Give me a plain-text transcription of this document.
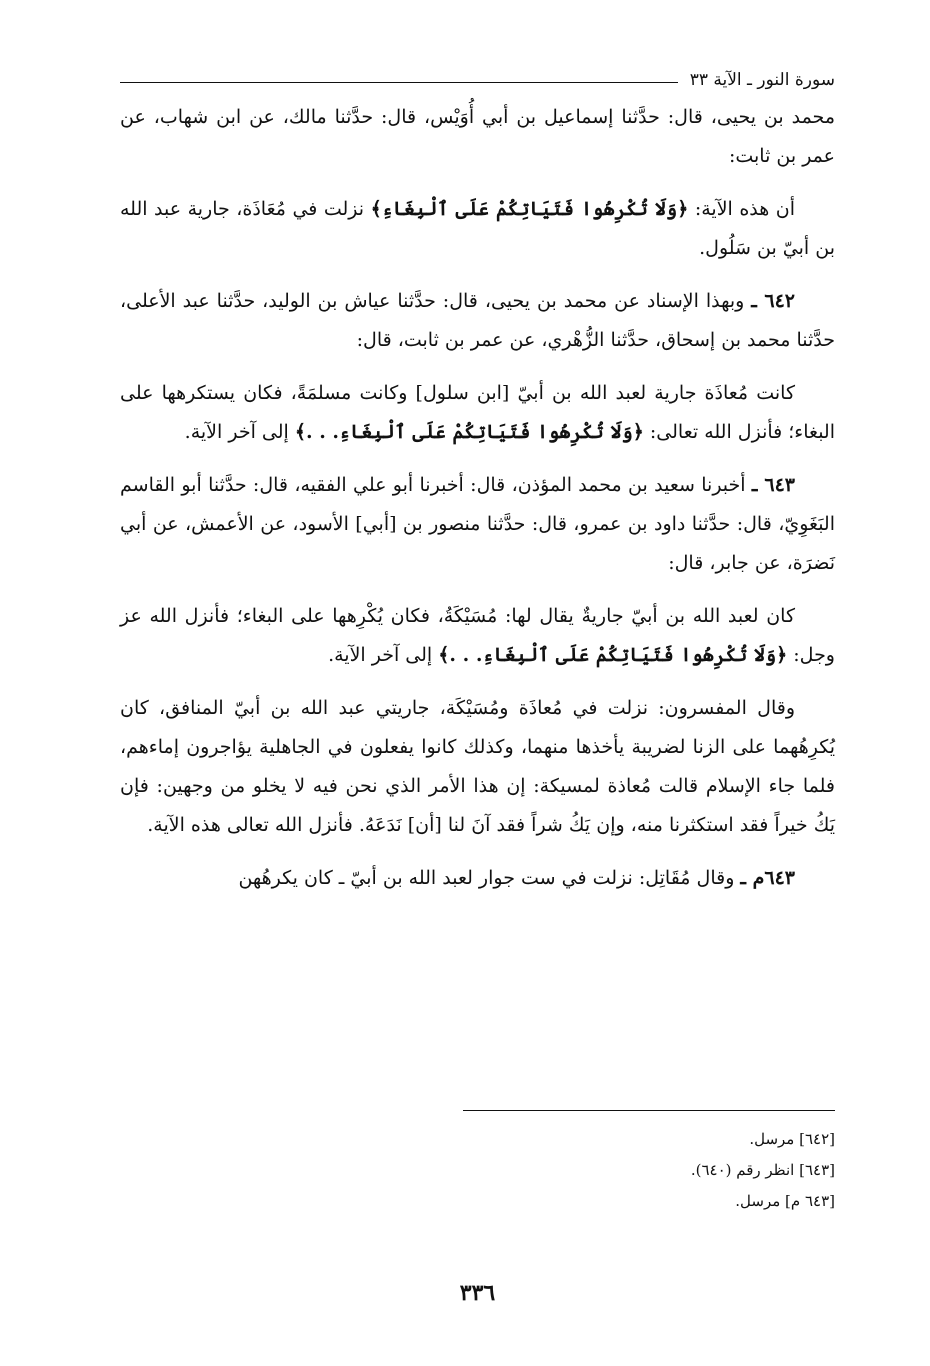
سورة النور ـ الآية ٣٣

محمد بن يحيى، قال: حدَّثنا إسماعيل بن أبي أُوَيْس، قال: حدَّثنا مالك، عن ابن شهاب، عن عمر بن ثابت:

أن هذه الآية: ﴿وَلَا تُكْرِهُوا فَتَيَاتِكُمْ عَلَى ٱلْبِغَاءِ﴾ نزلت في مُعَاذَة، جارية عبد الله بن أبيّ بن سَلُول.

٦٤٢ ـ وبهذا الإسناد عن محمد بن يحيى، قال: حدَّثنا عياش بن الوليد، حدَّثنا عبد الأعلى، حدَّثنا محمد بن إسحاق، حدَّثنا الزُّهْري، عن عمر بن ثابت، قال:

كانت مُعاذَة جارية لعبد الله بن أبيّ [ابن سلول] وكانت مسلمَةً، فكان يستكرهها على البغاء؛ فأنزل الله تعالى: ﴿وَلَا تُكْرِهُوا فَتَيَاتِكُمْ عَلَى ٱلْبِغَاءِ. . .﴾ إلى آخر الآية.

٦٤٣ ـ أخبرنا سعيد بن محمد المؤذن، قال: أخبرنا أبو علي الفقيه، قال: حدَّثنا أبو القاسم البَغَوِيّ، قال: حدَّثنا داود بن عمرو، قال: حدَّثنا منصور بن [أبي] الأسود، عن الأعمش، عن أبي نَضرَة، عن جابر، قال:

كان لعبد الله بن أبيّ جاريةٌ يقال لها: مُسَيْكَةُ، فكان يُكْرِهها على البغاء؛ فأنزل الله عز وجل: ﴿وَلَا تُكْرِهُوا فَتَيَاتِكُمْ عَلَى ٱلْبِغَاءِ. . .﴾ إلى آخر الآية.

وقال المفسرون: نزلت في مُعاذَة ومُسَيْكَة، جاريتي عبد الله بن أبيّ المنافق، كان يُكرِهُهما على الزنا لضريبة يأخذها منهما، وكذلك كانوا يفعلون في الجاهلية يؤاجرون إماءهم، فلما جاء الإسلام قالت مُعاذة لمسيكة: إن هذا الأمر الذي نحن فيه لا يخلو من وجهين: فإن يَكُ خيراً فقد استكثرنا منه، وإن يَكُ شراً فقد آنَ لنا [أن] نَدَعَهُ. فأنزل الله تعالى هذه الآية.

٦٤٣م ـ وقال مُقَاتِل: نزلت في ست جوار لعبد الله بن أبيّ ـ كان يكرهُهن

[٦٤٢] مرسل.

[٦٤٣] انظر رقم (٦٤٠).

[٦٤٣ م] مرسل.

٣٣٦
